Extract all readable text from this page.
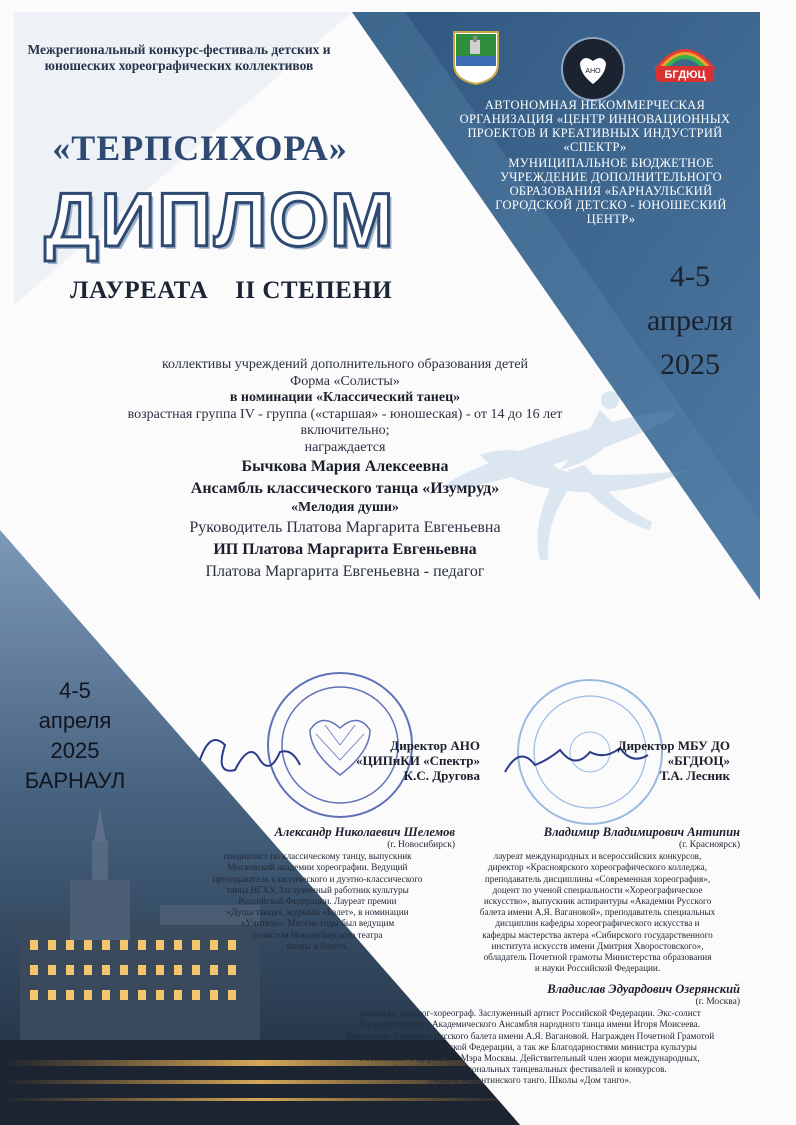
АНО	БГДЮЦ

Межрегиональный конкурс-фестиваль детских и юношеских хореографических коллективов

«ТЕРПСИХОРА»

ДИПЛОМ

ЛАУРЕАТА    II СТЕПЕНИ

АВТОНОМНАЯ НЕКОММЕРЧЕСКАЯ ОРГАНИЗАЦИЯ «ЦЕНТР ИННОВАЦИОННЫХ ПРОЕКТОВ И КРЕАТИВНЫХ ИНДУСТРИЙ «СПЕКТР»

МУНИЦИПАЛЬНОЕ БЮДЖЕТНОЕ УЧРЕЖДЕНИЕ ДОПОЛНИТЕЛЬНОГО ОБРАЗОВАНИЯ «БАРНАУЛЬСКИЙ ГОРОДСКОЙ ДЕТСКО - ЮНОШЕСКИЙ ЦЕНТР»

4-5
апреля
2025
4-5
апреля
2025
БАРНАУЛ
коллективы учреждений дополнительного образования детей
Форма «Солисты»
в номинации «Классический танец»
возрастная группа IV - группа («старшая» - юношеская) - от 14 до 16 лет
включительно;
награждается
Бычкова Мария Алексеевна
Ансамбль классического танца «Изумруд»
«Мелодия души»
Руководитель Платова Маргарита Евгеньевна
ИП Платова Маргарита Евгеньевна
Платова Маргарита Евгеньевна - педагог
Директор АНО
«ЦИПиКИ «Спектр»
К.С. Другова
Директор МБУ ДО
«БГДЮЦ»
Т.А. Лесник
Александр Николаевич Шелемов
(г. Новосибирск)
специалист по классическому танцу, выпускник
Московской академии хореографии. Ведущий
преподаватель классического и дуэтно-классического
танца НГХУ. Заслуженный работник культуры
Российской Федерации. Лауреат премии
«Душа танца», журнала «Балет», в номинации
«Учитель». Многие годы был ведущим
солистом Новосибирского театра
оперы и балета.
Владимир Владимирович Антипин
(г. Красноярск)
лауреат международных и всероссийских конкурсов,
директор «Красноярского хореографического колледжа,
преподаватель дисциплины «Современная хореография»,
доцент по ученой специальности «Хореографическое
искусство», выпускник аспирантуры «Академии Русского
балета имени А.Я. Вагановой», преподаватель специальных
дисциплин кафедры хореографического искусства и
кафедры мастерства актера «Сибирского государственного
института искусств имени Дмитрия Хворостовского»,
обладатель Почетной грамоты Министерства образования
и науки Российской Федерации.
Владислав Эдуардович Озерянский
(г. Москва)
режиссер, педагог-хореограф. Заслуженный артист Российской Федерации. Экс-солист
Государственного Академического Ансамбля народного танца имени Игоря Моисеева.
Выпускник Академии русского балета имени А.Я. Вагановой. Награжден Почетной Грамотой
Министерства Российской Федерации, а так же Благодарностями министра культуры
Российской Федерации и Мэра Москвы. Действительный член жюри международных,
федеральных и региональных танцевальных фестивалей и конкурсов.
Педагог Аргентинского танго. Школы «Дом танго».
